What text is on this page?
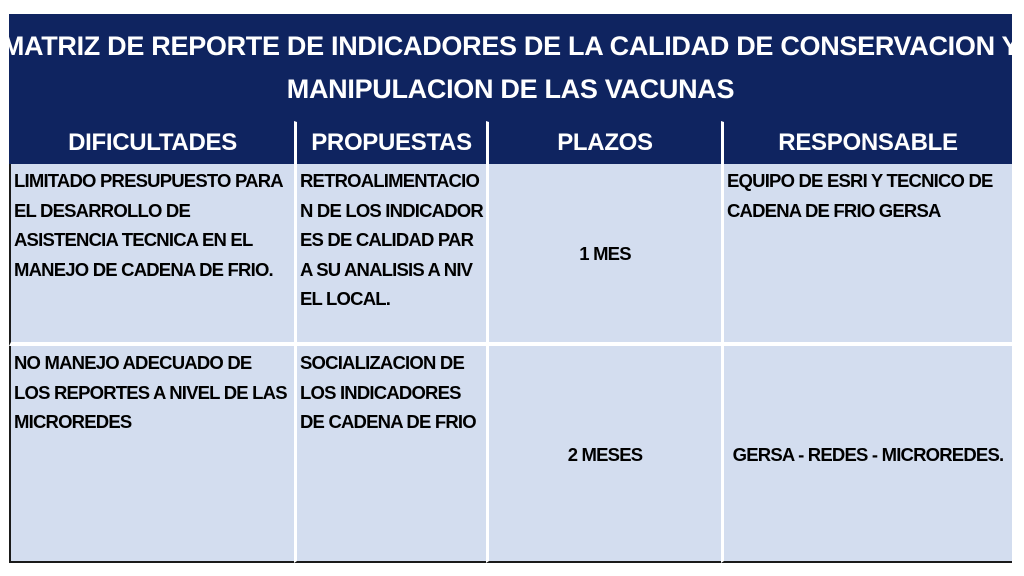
MATRIZ DE REPORTE DE INDICADORES DE LA CALIDAD DE CONSERVACION Y
MANIPULACION DE LAS VACUNAS
DIFICULTADES	PROPUESTAS	PLAZOS	RESPONSABLE
LIMITADO PRESUPUESTO PARA EL DESARROLLO DE ASISTENCIA TECNICA EN EL MANEJO DE CADENA DE FRIO.	RETROALIMENTACION DE LOS INDICADORES DE CALIDAD PARA SU ANALISIS A NIVEL LOCAL.	1 MES	EQUIPO DE ESRI Y TECNICO DE CADENA DE FRIO GERSA
NO MANEJO ADECUADO DE LOS REPORTES A NIVEL DE LAS MICROREDES	SOCIALIZACION DE LOS INDICADORES DE CADENA DE FRIO	2 MESES	GERSA - REDES - MICROREDES.
